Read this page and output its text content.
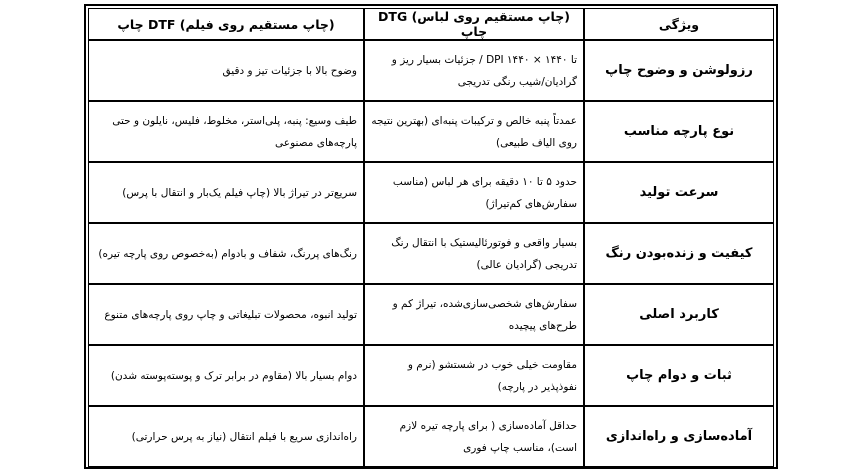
ویژگی	(چاپ مستقیم روی لباس) DTG چاپ	(چاپ مستقیم روی فیلم) DTF چاپ
رزولوشن و وضوح چاپ	تا ۱۴۴۰ × ۱۴۴۰ DPI / جزئیات بسیار ریز و گرادیان/شیب رنگی تدریجی	وضوح بالا با جزئیات تیز و دقیق
نوع پارچه مناسب	عمدتاً پنبه خالص و ترکیبات پنبه‌ای (بهترین نتیجه روی الیاف طبیعی)	طیف وسیع: پنبه، پلی‌استر، مخلوط، فلیس، نایلون و حتی پارچه‌های مصنوعی
سرعت تولید	حدود ۵ تا ۱۰ دقیقه برای هر لباس (مناسب سفارش‌های کم‌تیراژ)	سریع‌تر در تیراژ بالا (چاپ فیلم یک‌بار و انتقال با پرس)
کیفیت و زنده‌بودن رنگ	بسیار واقعی و فوتورئالیستیک با انتقال رنگ تدریجی (گرادیان عالی)	رنگ‌های پررنگ، شفاف و بادوام (به‌خصوص روی پارچه تیره)
کاربرد اصلی	سفارش‌های شخصی‌سازی‌شده، تیراژ کم و طرح‌های پیچیده	تولید انبوه، محصولات تبلیغاتی و چاپ روی پارچه‌های متنوع
ثبات و دوام چاپ	مقاومت خیلی خوب در شستشو (نرم و نفوذپذیر در پارچه)	دوام بسیار بالا (مقاوم در برابر ترک و پوسته‌پوسته شدن)
آماده‌سازی و راه‌اندازی	حداقل آماده‌سازی ( برای پارچه تیره لازم است)، مناسب چاپ فوری	راه‌اندازی سریع با فیلم انتقال (نیاز به پرس حرارتی)
